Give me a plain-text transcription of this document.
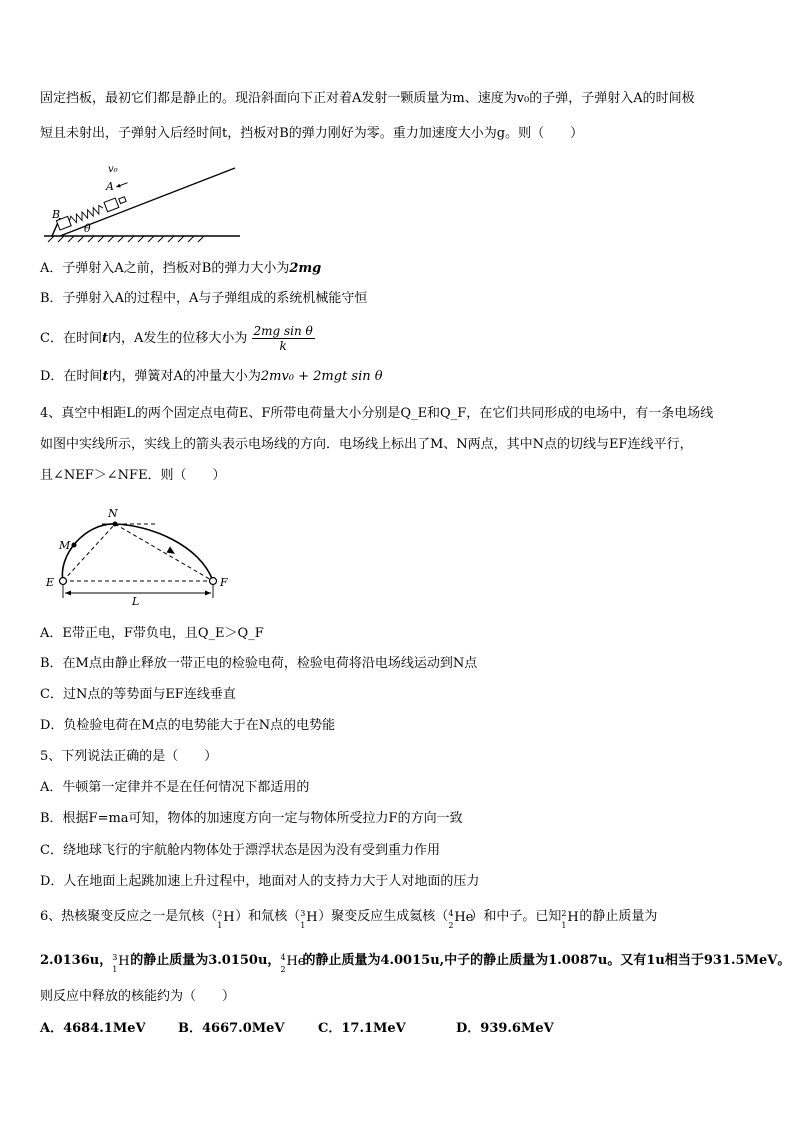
固定挡板，最初它们都是静止的。现沿斜面向下正对着A发射一颗质量为m、速度为v₀的子弹，子弹射入A的时间极
短且未射出，子弹射入后经时间t，挡板对B的弹力刚好为零。重力加速度大小为g。则（　　）
B
A
v₀
θ
A．子弹射入A之前，挡板对B的弹力大小为2mg
B．子弹射入A的过程中，A与子弹组成的系统机械能守恒
C．在时间t内，A发生的位移大小为 $\frac{\text{2mg sin θ}}{k}$
D．在时间t内，弹簧对A的冲量大小为2mv₀ + 2mgt sin θ
4、真空中相距L的两个固定点电荷E、F所带电荷量大小分别是Q_E和Q_F，在它们共同形成的电场中，有一条电场线
如图中实线所示，实线上的箭头表示电场线的方向．电场线上标出了M、N两点，其中N点的切线与EF连线平行，
且∠NEF＞∠NFE．则（　　）
N
M
E	F
L
A．E带正电，F带负电，且Q_E＞Q_F
B．在M点由静止释放一带正电的检验电荷，检验电荷将沿电场线运动到N点
C．过N点的等势面与EF连线垂直
D．负检验电荷在M点的电势能大于在N点的电势能
5、下列说法正确的是（　　）
A．牛顿第一定律并不是在任何情况下都适用的
B．根据F=ma可知，物体的加速度方向一定与物体所受拉力F的方向一致
C．绕地球飞行的宇航舱内物体处于漂浮状态是因为没有受到重力作用
D．人在地面上起跳加速上升过程中，地面对人的支持力大于人对地面的压力
6、热核聚变反应之一是氘核（ 2
1
H ）和氚核（ 3
1
H ）聚变反应生成氦核（ 4
2
He
）和中子。已知 2
1
H 的静止质量为
2.0136u， 3
1
H 的静止质量为3.0150u， 4
2
He
的静止质量为4.0015u,中子的静止质量为1.0087u。又有1u相当于931.5MeV。
则反应中释放的核能约为（　　）
A．4684.1MeV B．4667.0MeV	C．17.1MeV	D．939.6MeV
